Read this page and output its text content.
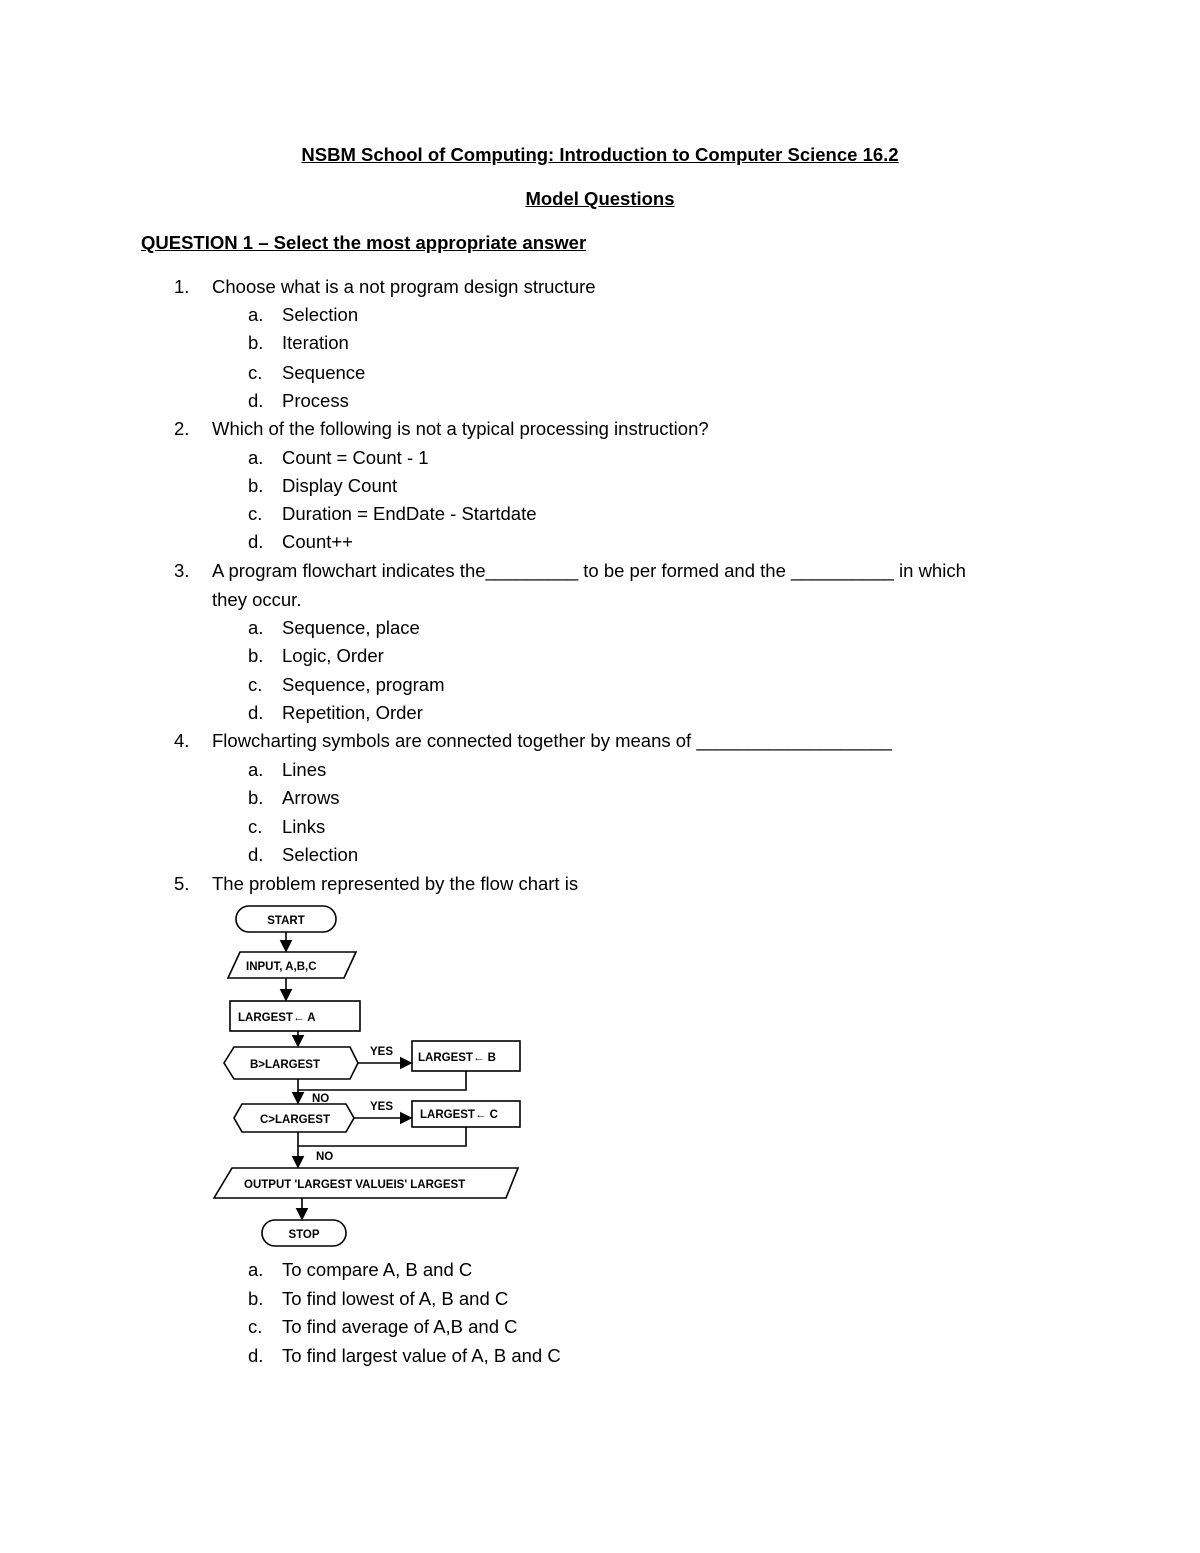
NSBM School of Computing: Introduction to Computer Science 16.2
Model Questions
QUESTION 1 – Select the most appropriate answer
1. Choose what is a not program design structure
a. Selection
b. Iteration
c. Sequence
d. Process
2. Which of the following is not a typical processing instruction?
a. Count = Count - 1
b. Display Count
c. Duration = EndDate - Startdate
d. Count++
3. A program flowchart indicates the_________ to be per formed and the __________ in which
they occur.
a. Sequence, place
b. Logic, Order
c. Sequence, program
d. Repetition, Order
4. Flowcharting symbols are connected together by means of ___________________
a. Lines
b. Arrows
c. Links
d. Selection
5. The problem represented by the flow chart is
START
INPUT, A,B,C
LARGEST← A
B>LARGEST
YES LARGEST← B
NO
C>LARGEST
YES
LARGEST← C
NO
OUTPUT 'LARGEST VALUEIS' LARGEST
STOP
a. To compare A, B and C
b. To find lowest of A, B and C
c. To find average of A,B and C
d. To find largest value of A, B and C
